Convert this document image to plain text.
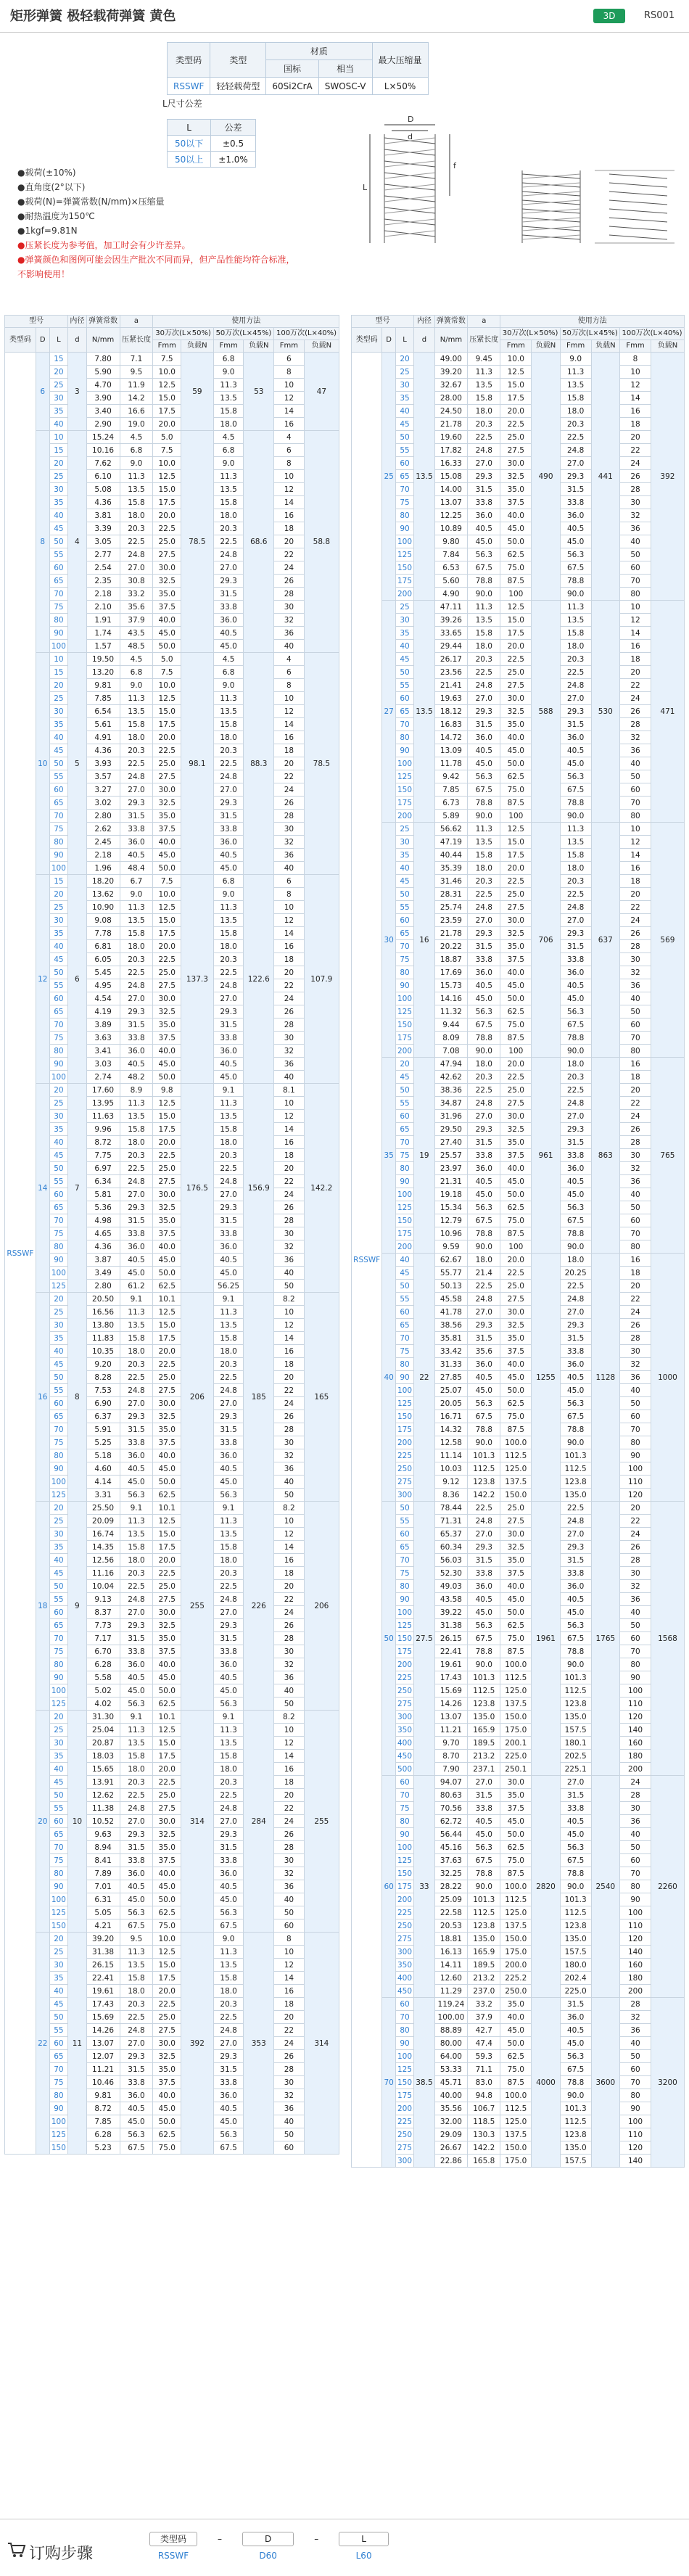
矩形弹簧 极轻载荷弹簧 黄色	3D	RS001
类型码	类型	材质		最大压缩量
		国标	相当	
RSSWF	轻轻载荷型	60Si2CrA	SWOSC-V	L×50%
L尺寸公差
L	公差
50以下	±0.5
50以上	±1.0%
●载荷(±10%)
●直角度(2°以下)
●载荷(N)=弹簧常数(N/mm)×压缩量
●耐热温度为150℃
●1kgf=9.81N
●压紧长度为参考值，加工时会有少许差异。
●弹簧颜色和图例可能会因生产批次不同而异，但产品性能均符合标准，
不影响使用！
D
d
L
f
型号			内径	弹簧常数	a	使用方法					
类型码	D	L	d	N/mm	压紧长度	30万次(L×50%)		50万次(L×45%)		100万次(L×40%)	
						Fmm	负载N	Fmm	负载N	Fmm	负载N
RSSWF	6	15	3	7.80	7.1	7.5	59	6.8	53	6	47
		20		5.90	9.5	10.0		9.0		8	
		25		4.70	11.9	12.5		11.3		10	
		30		3.90	14.2	15.0		13.5		12	
		35		3.40	16.6	17.5		15.8		14	
		40		2.90	19.0	20.0		18.0		16	
	8	10	4	15.24	4.5	5.0	78.5	4.5	68.6	4	58.8
		15		10.16	6.8	7.5		6.8		6	
		20		7.62	9.0	10.0		9.0		8	
		25		6.10	11.3	12.5		11.3		10	
		30		5.08	13.5	15.0		13.5		12	
		35		4.36	15.8	17.5		15.8		14	
		40		3.81	18.0	20.0		18.0		16	
		45		3.39	20.3	22.5		20.3		18	
		50		3.05	22.5	25.0		22.5		20	
		55		2.77	24.8	27.5		24.8		22	
		60		2.54	27.0	30.0		27.0		24	
		65		2.35	30.8	32.5		29.3		26	
		70		2.18	33.2	35.0		31.5		28	
		75		2.10	35.6	37.5		33.8		30	
		80		1.91	37.9	40.0		36.0		32	
		90		1.74	43.5	45.0		40.5		36	
		100		1.57	48.5	50.0		45.0		40	
	10	10	5	19.50	4.5	5.0	98.1	4.5	88.3	4	78.5
		15		13.20	6.8	7.5		6.8		6	
		20		9.81	9.0	10.0		9.0		8	
		25		7.85	11.3	12.5		11.3		10	
		30		6.54	13.5	15.0		13.5		12	
		35		5.61	15.8	17.5		15.8		14	
		40		4.91	18.0	20.0		18.0		16	
		45		4.36	20.3	22.5		20.3		18	
		50		3.93	22.5	25.0		22.5		20	
		55		3.57	24.8	27.5		24.8		22	
		60		3.27	27.0	30.0		27.0		24	
		65		3.02	29.3	32.5		29.3		26	
		70		2.80	31.5	35.0		31.5		28	
		75		2.62	33.8	37.5		33.8		30	
		80		2.45	36.0	40.0		36.0		32	
		90		2.18	40.5	45.0		40.5		36	
		100		1.96	48.4	50.0		45.0		40	
	12	15	6	18.20	6.7	7.5	137.3	6.8	122.6	6	107.9
		20		13.62	9.0	10.0		9.0		8	
		25		10.90	11.3	12.5		11.3		10	
		30		9.08	13.5	15.0		13.5		12	
		35		7.78	15.8	17.5		15.8		14	
		40		6.81	18.0	20.0		18.0		16	
		45		6.05	20.3	22.5		20.3		18	
		50		5.45	22.5	25.0		22.5		20	
		55		4.95	24.8	27.5		24.8		22	
		60		4.54	27.0	30.0		27.0		24	
		65		4.19	29.3	32.5		29.3		26	
		70		3.89	31.5	35.0		31.5		28	
		75		3.63	33.8	37.5		33.8		30	
		80		3.41	36.0	40.0		36.0		32	
		90		3.03	40.5	45.0		40.5		36	
		100		2.74	48.2	50.0		45.0		40	
	14	20	7	17.60	8.9	9.8	176.5	9.1	156.9	8.1	142.2
		25		13.95	11.3	12.5		11.3		10	
		30		11.63	13.5	15.0		13.5		12	
		35		9.96	15.8	17.5		15.8		14	
		40		8.72	18.0	20.0		18.0		16	
		45		7.75	20.3	22.5		20.3		18	
		50		6.97	22.5	25.0		22.5		20	
		55		6.34	24.8	27.5		24.8		22	
		60		5.81	27.0	30.0		27.0		24	
		65		5.36	29.3	32.5		29.3		26	
		70		4.98	31.5	35.0		31.5		28	
		75		4.65	33.8	37.5		33.8		30	
		80		4.36	36.0	40.0		36.0		32	
		90		3.87	40.5	45.0		40.5		36	
		100		3.49	45.0	50.0		45.0		40	
		125		2.80	61.2	62.5		56.25		50	
	16	20	8	20.50	9.1	10.1	206	9.1	185	8.2	165
		25		16.56	11.3	12.5		11.3		10	
		30		13.80	13.5	15.0		13.5		12	
		35		11.83	15.8	17.5		15.8		14	
		40		10.35	18.0	20.0		18.0		16	
		45		9.20	20.3	22.5		20.3		18	
		50		8.28	22.5	25.0		22.5		20	
		55		7.53	24.8	27.5		24.8		22	
		60		6.90	27.0	30.0		27.0		24	
		65		6.37	29.3	32.5		29.3		26	
		70		5.91	31.5	35.0		31.5		28	
		75		5.25	33.8	37.5		33.8		30	
		80		5.18	36.0	40.0		36.0		32	
		90		4.60	40.5	45.0		40.5		36	
		100		4.14	45.0	50.0		45.0		40	
		125		3.31	56.3	62.5		56.3		50	
	18	20	9	25.50	9.1	10.1	255	9.1	226	8.2	206
		25		20.09	11.3	12.5		11.3		10	
		30		16.74	13.5	15.0		13.5		12	
		35		14.35	15.8	17.5		15.8		14	
		40		12.56	18.0	20.0		18.0		16	
		45		11.16	20.3	22.5		20.3		18	
		50		10.04	22.5	25.0		22.5		20	
		55		9.13	24.8	27.5		24.8		22	
		60		8.37	27.0	30.0		27.0		24	
		65		7.73	29.3	32.5		29.3		26	
		70		7.17	31.5	35.0		31.5		28	
		75		6.70	33.8	37.5		33.8		30	
		80		6.28	36.0	40.0		36.0		32	
		90		5.58	40.5	45.0		40.5		36	
		100		5.02	45.0	50.0		45.0		40	
		125		4.02	56.3	62.5		56.3		50	
	20	20	10	31.30	9.1	10.1	314	9.1	284	8.2	255
		25		25.04	11.3	12.5		11.3		10	
		30		20.87	13.5	15.0		13.5		12	
		35		18.03	15.8	17.5		15.8		14	
		40		15.65	18.0	20.0		18.0		16	
		45		13.91	20.3	22.5		20.3		18	
		50		12.62	22.5	25.0		22.5		20	
		55		11.38	24.8	27.5		24.8		22	
		60		10.52	27.0	30.0		27.0		24	
		65		9.63	29.3	32.5		29.3		26	
		70		8.94	31.5	35.0		31.5		28	
		75		8.41	33.8	37.5		33.8		30	
		80		7.89	36.0	40.0		36.0		32	
		90		7.01	40.5	45.0		40.5		36	
		100		6.31	45.0	50.0		45.0		40	
		125		5.05	56.3	62.5		56.3		50	
		150		4.21	67.5	75.0		67.5		60	
	22	20	11	39.20	9.5	10.0	392	9.0	353	8	314
		25		31.38	11.3	12.5		11.3		10	
		30		26.15	13.5	15.0		13.5		12	
		35		22.41	15.8	17.5		15.8		14	
		40		19.61	18.0	20.0		18.0		16	
		45		17.43	20.3	22.5		20.3		18	
		50		15.69	22.5	25.0		22.5		20	
		55		14.26	24.8	27.5		24.8		22	
		60		13.07	27.0	30.0		27.0		24	
		65		12.07	29.3	32.5		29.3		26	
		70		11.21	31.5	35.0		31.5		28	
		75		10.46	33.8	37.5		33.8		30	
		80		9.81	36.0	40.0		36.0		32	
		90		8.72	40.5	45.0		40.5		36	
		100		7.85	45.0	50.0		45.0		40	
		125		6.28	56.3	62.5		56.3		50	
		150		5.23	67.5	75.0		67.5		60	
型号			内径	弹簧常数	a	使用方法					
类型码	D	L	d	N/mm	压紧长度	30万次(L×50%)		50万次(L×45%)		100万次(L×40%)	
						Fmm	负载N	Fmm	负载N	Fmm	负载N
RSSWF	25	20	13.5	49.00	9.45	10.0	490	9.0	441	8	392
		25		39.20	11.3	12.5		11.3		10	
		30		32.67	13.5	15.0		13.5		12	
		35		28.00	15.8	17.5		15.8		14	
		40		24.50	18.0	20.0		18.0		16	
		45		21.78	20.3	22.5		20.3		18	
		50		19.60	22.5	25.0		22.5		20	
		55		17.82	24.8	27.5		24.8		22	
		60		16.33	27.0	30.0		27.0		24	
		65		15.08	29.3	32.5		29.3		26	
		70		14.00	31.5	35.0		31.5		28	
		75		13.07	33.8	37.5		33.8		30	
		80		12.25	36.0	40.0		36.0		32	
		90		10.89	40.5	45.0		40.5		36	
		100		9.80	45.0	50.0		45.0		40	
		125		7.84	56.3	62.5		56.3		50	
		150		6.53	67.5	75.0		67.5		60	
		175		5.60	78.8	87.5		78.8		70	
		200		4.90	90.0	100		90.0		80	
	27	25	13.5	47.11	11.3	12.5	588	11.3	530	10	471
		30		39.26	13.5	15.0		13.5		12	
		35		33.65	15.8	17.5		15.8		14	
		40		29.44	18.0	20.0		18.0		16	
		45		26.17	20.3	22.5		20.3		18	
		50		23.56	22.5	25.0		22.5		20	
		55		21.41	24.8	27.5		24.8		22	
		60		19.63	27.0	30.0		27.0		24	
		65		18.12	29.3	32.5		29.3		26	
		70		16.83	31.5	35.0		31.5		28	
		80		14.72	36.0	40.0		36.0		32	
		90		13.09	40.5	45.0		40.5		36	
		100		11.78	45.0	50.0		45.0		40	
		125		9.42	56.3	62.5		56.3		50	
		150		7.85	67.5	75.0		67.5		60	
		175		6.73	78.8	87.5		78.8		70	
		200		5.89	90.0	100		90.0		80	
	30	25	16	56.62	11.3	12.5	706	11.3	637	10	569
		30		47.19	13.5	15.0		13.5		12	
		35		40.44	15.8	17.5		15.8		14	
		40		35.39	18.0	20.0		18.0		16	
		45		31.46	20.3	22.5		20.3		18	
		50		28.31	22.5	25.0		22.5		20	
		55		25.74	24.8	27.5		24.8		22	
		60		23.59	27.0	30.0		27.0		24	
		65		21.78	29.3	32.5		29.3		26	
		70		20.22	31.5	35.0		31.5		28	
		75		18.87	33.8	37.5		33.8		30	
		80		17.69	36.0	40.0		36.0		32	
		90		15.73	40.5	45.0		40.5		36	
		100		14.16	45.0	50.0		45.0		40	
		125		11.32	56.3	62.5		56.3		50	
		150		9.44	67.5	75.0		67.5		60	
		175		8.09	78.8	87.5		78.8		70	
		200		7.08	90.0	100		90.0		80	
	35	20	19	47.94	18.0	20.0	961	18.0	863	16	765
		45		42.62	20.3	22.5		20.3		18	
		50		38.36	22.5	25.0		22.5		20	
		55		34.87	24.8	27.5		24.8		22	
		60		31.96	27.0	30.0		27.0		24	
		65		29.50	29.3	32.5		29.3		26	
		70		27.40	31.5	35.0		31.5		28	
		75		25.57	33.8	37.5		33.8		30	
		80		23.97	36.0	40.0		36.0		32	
		90		21.31	40.5	45.0		40.5		36	
		100		19.18	45.0	50.0		45.0		40	
		125		15.34	56.3	62.5		56.3		50	
		150		12.79	67.5	75.0		67.5		60	
		175		10.96	78.8	87.5		78.8		70	
		200		9.59	90.0	100		90.0		80	
	40	40	22	62.67	18.0	20.0	1255	18.0	1128	16	1000
		45		55.77	21.4	22.5		20.25		18	
		50		50.13	22.5	25.0		22.5		20	
		55		45.58	24.8	27.5		24.8		22	
		60		41.78	27.0	30.0		27.0		24	
		65		38.56	29.3	32.5		29.3		26	
		70		35.81	31.5	35.0		31.5		28	
		75		33.42	35.6	37.5		33.8		30	
		80		31.33	36.0	40.0		36.0		32	
		90		27.85	40.5	45.0		40.5		36	
		100		25.07	45.0	50.0		45.0		40	
		125		20.05	56.3	62.5		56.3		50	
		150		16.71	67.5	75.0		67.5		60	
		175		14.32	78.8	87.5		78.8		70	
		200		12.58	90.0	100.0		90.0		80	
		225		11.14	101.3	112.5		101.3		90	
		250		10.03	112.5	125.0		112.5		100	
		275		9.12	123.8	137.5		123.8		110	
		300		8.36	142.2	150.0		135.0		120	
	50	50	27.5	78.44	22.5	25.0	1961	22.5	1765	20	1568
		55		71.31	24.8	27.5		24.8		22	
		60		65.37	27.0	30.0		27.0		24	
		65		60.34	29.3	32.5		29.3		26	
		70		56.03	31.5	35.0		31.5		28	
		75		52.30	33.8	37.5		33.8		30	
		80		49.03	36.0	40.0		36.0		32	
		90		43.58	40.5	45.0		40.5		36	
		100		39.22	45.0	50.0		45.0		40	
		125		31.38	56.3	62.5		56.3		50	
		150		26.15	67.5	75.0		67.5		60	
		175		22.41	78.8	87.5		78.8		70	
		200		19.61	90.0	100.0		90.0		80	
		225		17.43	101.3	112.5		101.3		90	
		250		15.69	112.5	125.0		112.5		100	
		275		14.26	123.8	137.5		123.8		110	
		300		13.07	135.0	150.0		135.0		120	
		350		11.21	165.9	175.0		157.5		140	
		400		9.70	189.5	200.1		180.1		160	
		450		8.70	213.2	225.0		202.5		180	
		500		7.90	237.1	250.1		225.1		200	
	60	60	33	94.07	27.0	30.0	2820	27.0	2540	24	2260
		70		80.63	31.5	35.0		31.5		28	
		75		70.56	33.8	37.5		33.8		30	
		80		62.72	40.5	45.0		40.5		36	
		90		56.44	45.0	50.0		45.0		40	
		100		45.16	56.3	62.5		56.3		50	
		125		37.63	67.5	75.0		67.5		60	
		150		32.25	78.8	87.5		78.8		70	
		175		28.22	90.0	100.0		90.0		80	
		200		25.09	101.3	112.5		101.3		90	
		225		22.58	112.5	125.0		112.5		100	
		250		20.53	123.8	137.5		123.8		110	
		275		18.81	135.0	150.0		135.0		120	
		300		16.13	165.9	175.0		157.5		140	
		350		14.11	189.5	200.0		180.0		160	
		400		12.60	213.2	225.2		202.4		180	
		450		11.29	237.0	250.0		225.0		200	
	70	60	38.5	119.24	33.2	35.0	4000	31.5	3600	28	3200
		70		100.00	37.9	40.0		36.0		32	
		80		88.89	42.7	45.0		40.5		36	
		90		80.00	47.4	50.0		45.0		40	
		100		64.00	59.3	62.5		56.3		50	
		125		53.33	71.1	75.0		67.5		60	
		150		45.71	83.0	87.5		78.8		70	
		175		40.00	94.8	100.0		90.0		80	
		200		35.56	106.7	112.5		101.3		90	
		225		32.00	118.5	125.0		112.5		100	
		250		29.09	130.3	137.5		123.8		110	
		275		26.67	142.2	150.0		135.0		120	
		300		22.86	165.8	175.0		157.5		140	
订购步骤
类型码	–	D	–	L
RSSWF		D60		L60
